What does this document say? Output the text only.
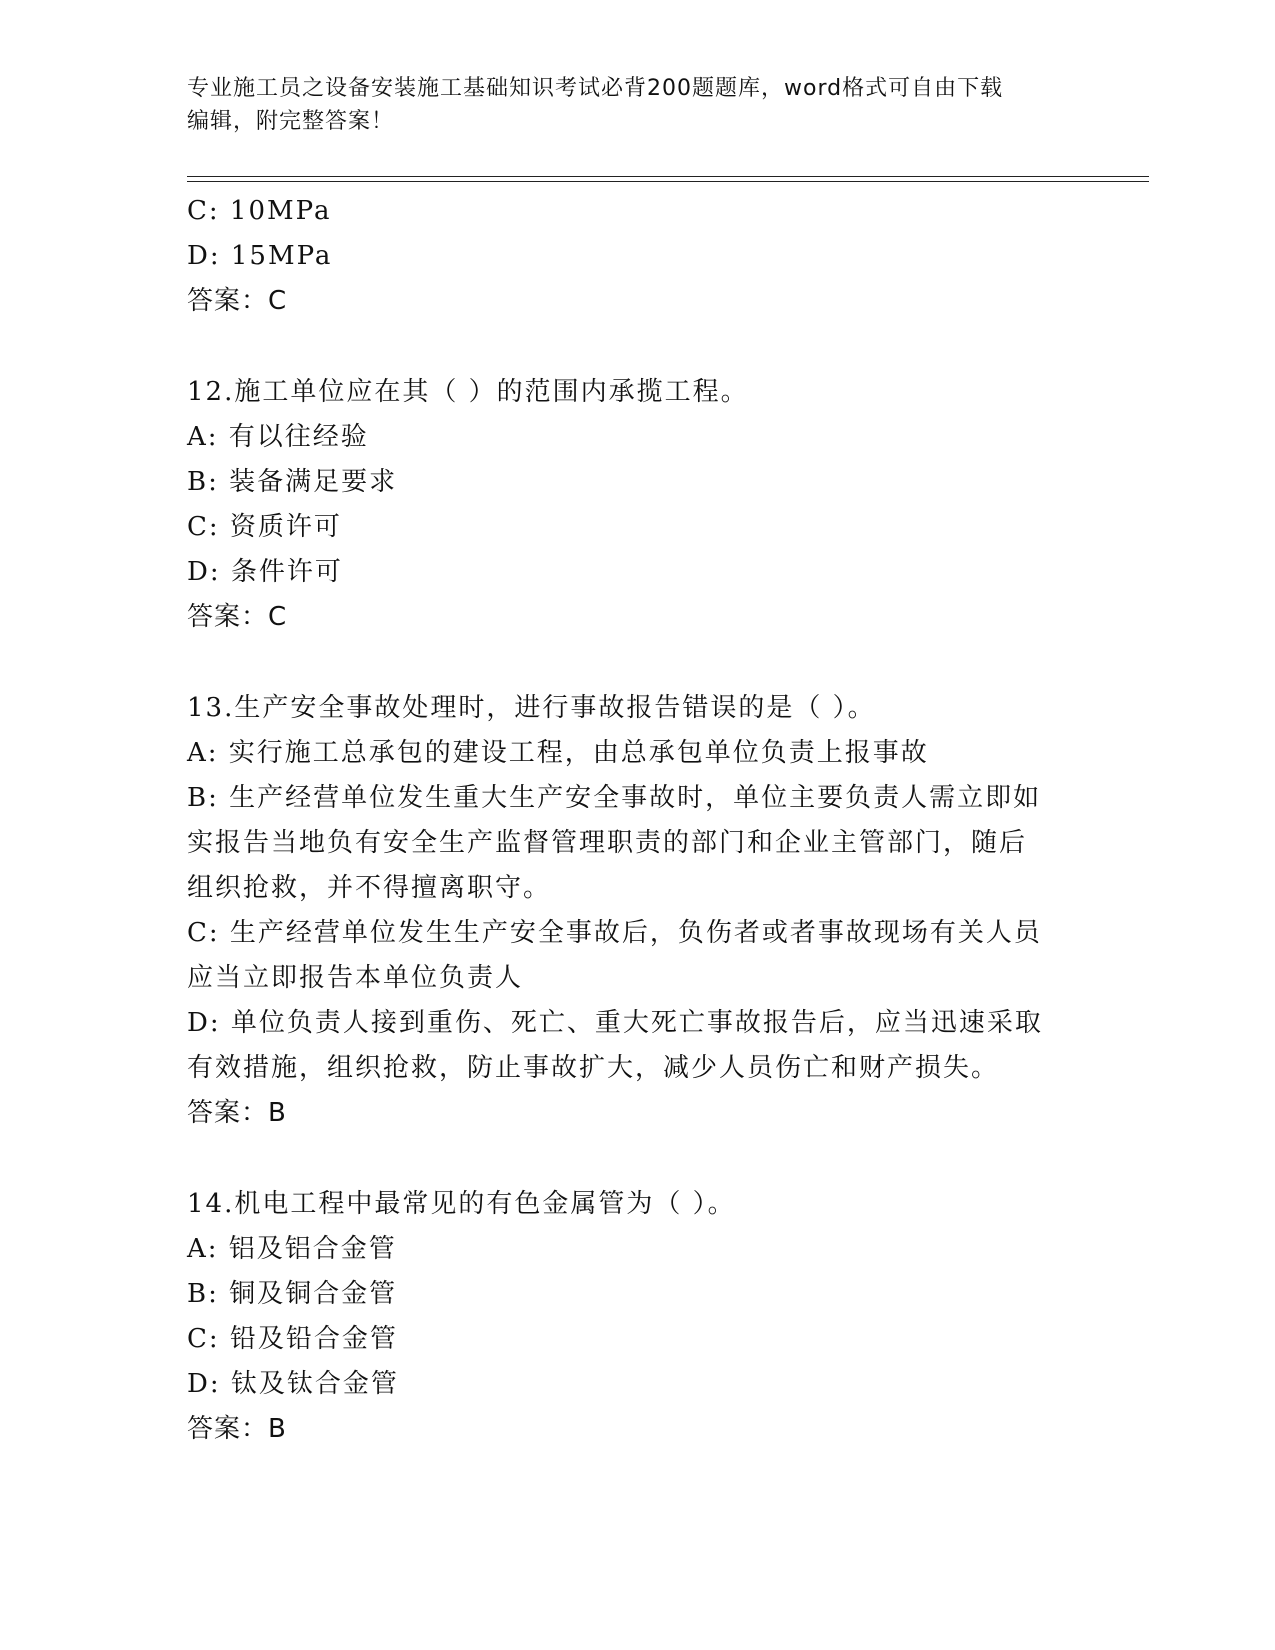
专业施工员之设备安装施工基础知识考试必背200题题库，word格式可自由下载
编辑，附完整答案！
C: 10MPa
D: 15MPa
答案：C
12.施工单位应在其（ ）的范围内承揽工程。
A: 有以往经验
B: 装备满足要求
C: 资质许可
D: 条件许可
答案：C
13.生产安全事故处理时，进行事故报告错误的是（ ）。
A: 实行施工总承包的建设工程，由总承包单位负责上报事故
B: 生产经营单位发生重大生产安全事故时，单位主要负责人需立即如
实报告当地负有安全生产监督管理职责的部门和企业主管部门，随后
组织抢救，并不得擅离职守。
C: 生产经营单位发生生产安全事故后，负伤者或者事故现场有关人员
应当立即报告本单位负责人
D: 单位负责人接到重伤、死亡、重大死亡事故报告后，应当迅速采取
有效措施，组织抢救，防止事故扩大，减少人员伤亡和财产损失。
答案：B
14.机电工程中最常见的有色金属管为（ ）。
A: 铝及铝合金管
B: 铜及铜合金管
C: 铅及铅合金管
D: 钛及钛合金管
答案：B
